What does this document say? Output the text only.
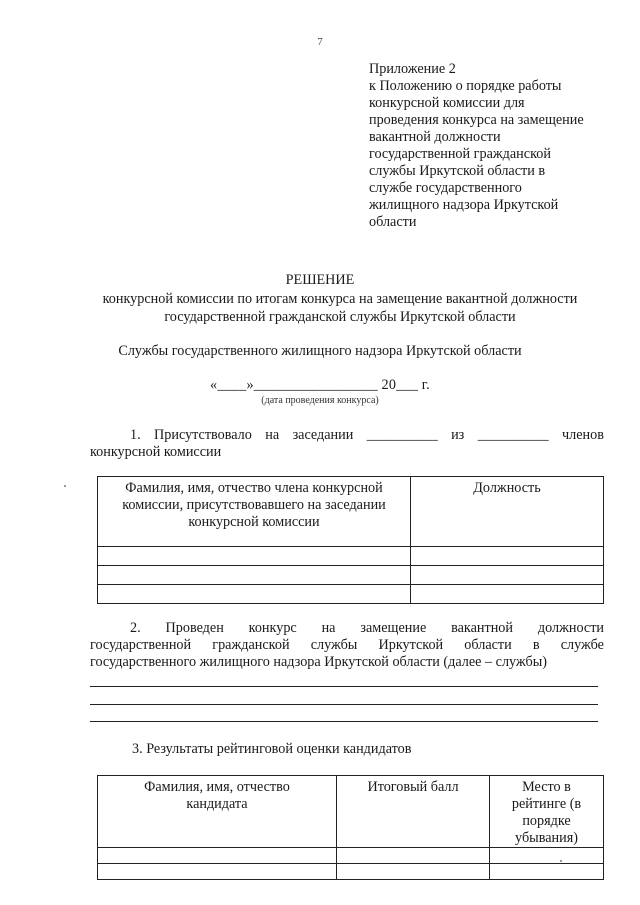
7
Приложение 2
к Положению о порядке работы
конкурсной комиссии для
проведения конкурса на замещение
вакантной должности
государственной гражданской
службы Иркутской области в
службе государственного
жилищного надзора Иркутской
области
РЕШЕНИЕ
конкурсной комиссии по итогам конкурса на замещение вакантной должности
государственной гражданской службы Иркутской области
Службы государственного жилищного надзора Иркутской области
«____»_________________ 20___ г.
(дата проведения конкурса)
1. Присутствовало на заседании __________ из __________ членов
конкурсной комиссии
Фамилия, имя, отчество члена конкурсной комиссии, присутствовавшего на заседании конкурсной комиссии	Должность

2. Проведен конкурс на замещение вакантной должности
государственной гражданской службы Иркутской области в службе
государственного жилищного надзора Иркутской области (далее – службы)
3. Результаты рейтинговой оценки кандидатов
Фамилия, имя, отчество кандидата	Итоговый балл	Место в рейтинге (в порядке убывания)
